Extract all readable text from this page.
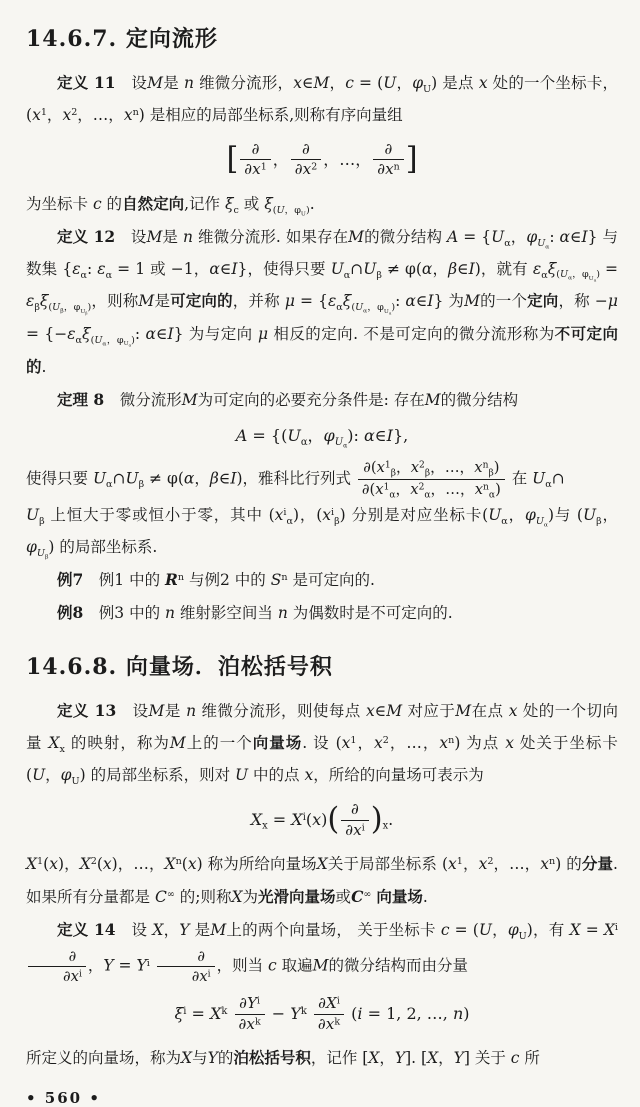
14.6.7. 定向流形

定义 11　设M是 n 维微分流形，x∈M，c = (U，$\varphi_U$) 是点 x 处的一个坐标卡，($x^1$，$x^2$，…，$x^n$) 是相应的局部坐标系,则称有序向量组

[ $\frac{\partial}{\partial x^1}$ ， $\frac{\partial}{\partial x^2}$ ，…， $\frac{\partial}{\partial x^n}$ ]

为坐标卡 c 的自然定向,记作 $\xi_c$ 或 $\xi_{(U,\varphi_U)}$.

定义 12　设M是 n 维微分流形. 如果存在M的微分结构 $A = \{U_\alpha$，$\varphi_{U_\alpha}$: α∈I} 与数集 {$\varepsilon_\alpha$: $\varepsilon_\alpha = 1$ 或 −1，α∈I}，使得只要 $U_\alpha\cap U_\beta \ne \varphi(\alpha$，β∈I)，就有 $\varepsilon_\alpha\xi_{(U_\alpha,\varphi_{U_\alpha})} = \varepsilon_\beta\xi_{(U_\beta,\varphi_{U_\beta})}$，则称M是可定向的，并称 $\mu = \{\varepsilon_\alpha\xi_{(U_\alpha,\varphi_{U_\alpha})}$: α∈I} 为M的一个定向，称 $-\mu = \{-\varepsilon_\alpha\xi_{(U_\alpha,\varphi_{U_\alpha})}$: α∈I} 为与定向 μ 相反的定向. 不是可定向的微分流形称为不可定向的.

定理 8　微分流形M为可定向的必要充分条件是: 存在M的微分结构

$A = \{(U_\alpha$，$\varphi_{U_\alpha}$): α∈I},

使得只要 $U_\alpha\cap U_\beta \ne \varphi(\alpha$，β∈I)，雅科比行列式 $\frac{\partial(x^1_\beta,x^2_\beta,\dots,x^n_\beta)}{\partial(x^1_\alpha,x^2_\alpha,\dots,x^n_\alpha)}$ 在 $U_\alpha\cap$

$U_\beta$ 上恒大于零或恒小于零，其中 $(x^i_\alpha)$，$(x^i_\beta)$ 分别是对应坐标卡($U_\alpha$，$\varphi_{U_\alpha}$)与 ($U_\beta$，$\varphi_{U_\beta}$) 的局部坐标系.

例7　例1 中的 $R^n$ 与例2 中的 $S^n$ 是可定向的.

例8　例3 中的 n 维射影空间当 n 为偶数时是不可定向的.

14.6.8. 向量场．泊松括号积

定义 13　设M是 n 维微分流形，则使每点 x∈M 对应于M在点 x 处的一个切向量 $X_x$ 的映射，称为M上的一个向量场. 设 ($x^1$，$x^2$，…，$x^n$) 为点 x 处关于坐标卡 (U，$\varphi_U$) 的局部坐标系，则对 U 中的点 x，所给的向量场可表示为

$X_x = X^i(x)( \frac{\partial}{\partial x^i} )_x$.

$X^1(x)$，$X^2(x)$，…，$X^n(x)$ 称为所给向量场X关于局部坐标系 ($x^1$，$x^2$，…，$x^n$) 的分量. 如果所有分量都是 C∞ 的;则称X为光滑向量场或C∞ 向量场.

定义 14　设 X，Y 是M上的两个向量场， 关于坐标卡 c = (U，$\varphi_U$)，有 $X = X^i$
$\frac{\partial}{\partial x^i}$ ，$Y = Y^i \frac{\partial}{\partial x^i}$ ，则当 c 取遍M的微分结构而由分量

$\xi^i = X^k \frac{\partial Y^i}{\partial x^k} - Y^k \frac{\partial X^i}{\partial x^k} (i = 1$, 2, …, n)

所定义的向量场，称为X与Y的泊松括号积，记作 [X，Y]. [X，Y] 关于 c 所

• 560 •
